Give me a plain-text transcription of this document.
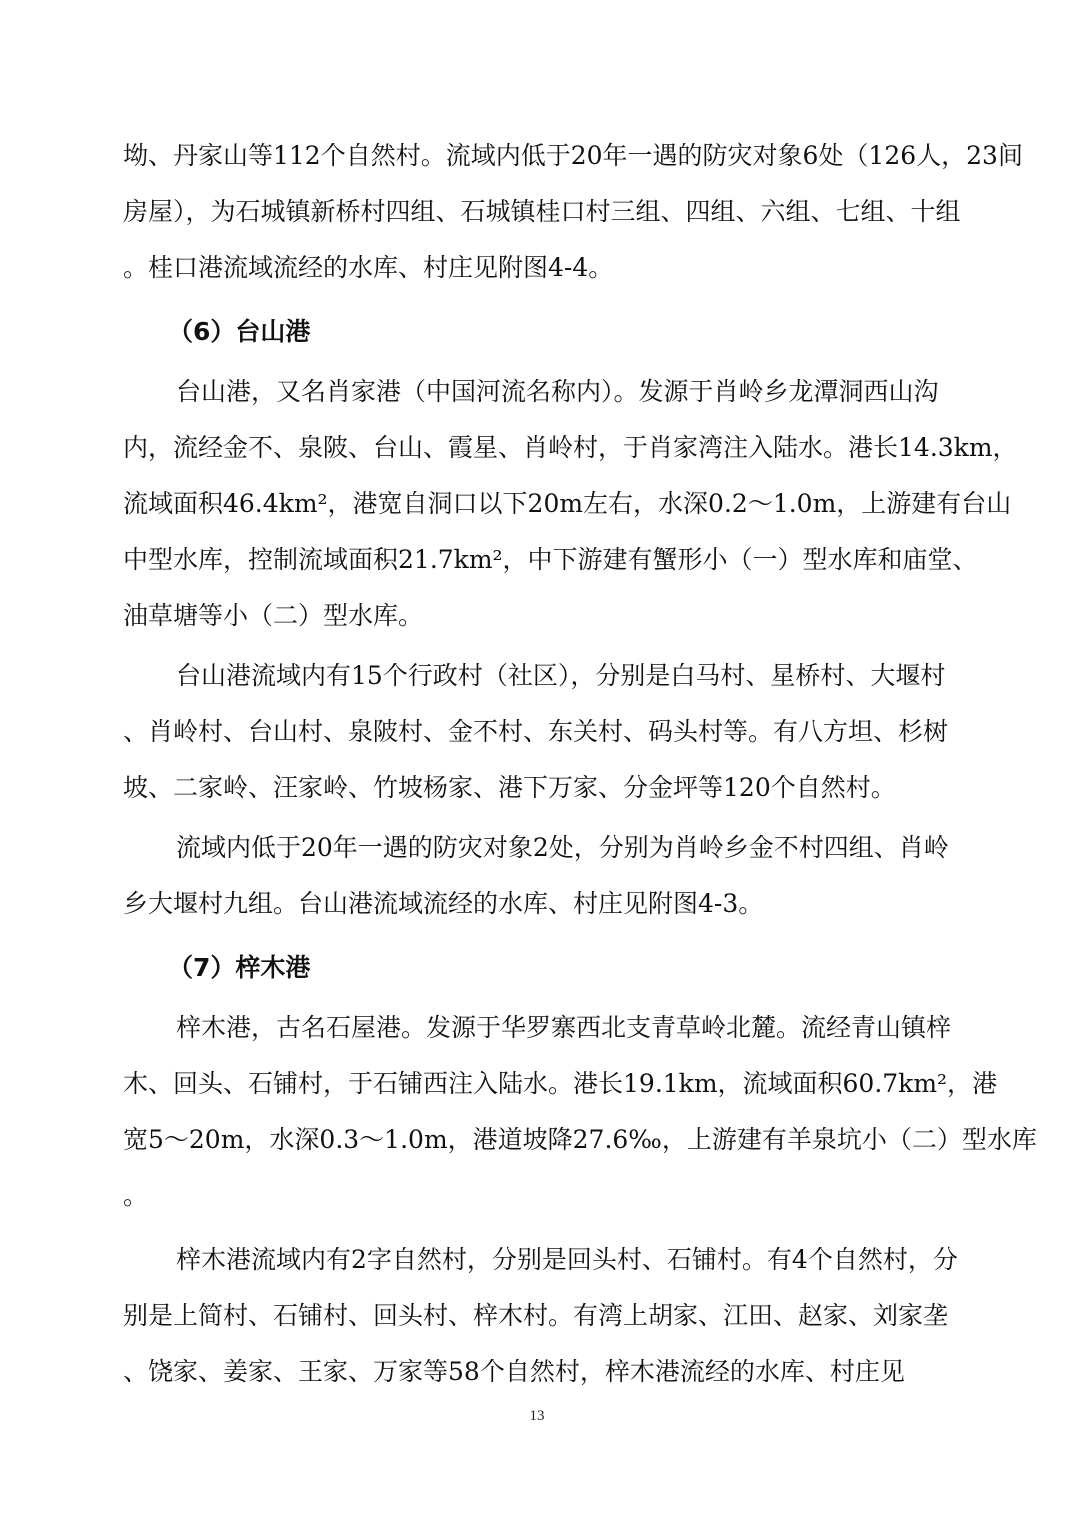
坳、丹家山等112个自然村。流域内低于20年一遇的防灾对象6处（126人，23间
房屋），为石城镇新桥村四组、石城镇桂口村三组、四组、六组、七组、十组
。桂口港流域流经的水库、村庄见附图4-4。
（6）台山港
台山港，又名肖家港（中国河流名称内）。发源于肖岭乡龙潭洞西山沟
内，流经金不、泉陂、台山、霞星、肖岭村，于肖家湾注入陆水。港长14.3km，
流域面积46.4km²，港宽自洞口以下20m左右，水深0.2～1.0m，上游建有台山
中型水库，控制流域面积21.7km²，中下游建有蟹形小（一）型水库和庙堂、
油草塘等小（二）型水库。
台山港流域内有15个行政村（社区），分别是白马村、星桥村、大堰村
、肖岭村、台山村、泉陂村、金不村、东关村、码头村等。有八方坦、杉树
坡、二家岭、汪家岭、竹坡杨家、港下万家、分金坪等120个自然村。
流域内低于20年一遇的防灾对象2处，分别为肖岭乡金不村四组、肖岭
乡大堰村九组。台山港流域流经的水库、村庄见附图4-3。
（7）梓木港
梓木港，古名石屋港。发源于华罗寨西北支青草岭北麓。流经青山镇梓
木、回头、石铺村，于石铺西注入陆水。港长19.1km，流域面积60.7km²，港
宽5～20m，水深0.3～1.0m，港道坡降27.6‰，上游建有羊泉坑小（二）型水库
。
梓木港流域内有2字自然村，分别是回头村、石铺村。有4个自然村，分
别是上简村、石铺村、回头村、梓木村。有湾上胡家、江田、赵家、刘家垄
、饶家、姜家、王家、万家等58个自然村，梓木港流经的水库、村庄见
13
